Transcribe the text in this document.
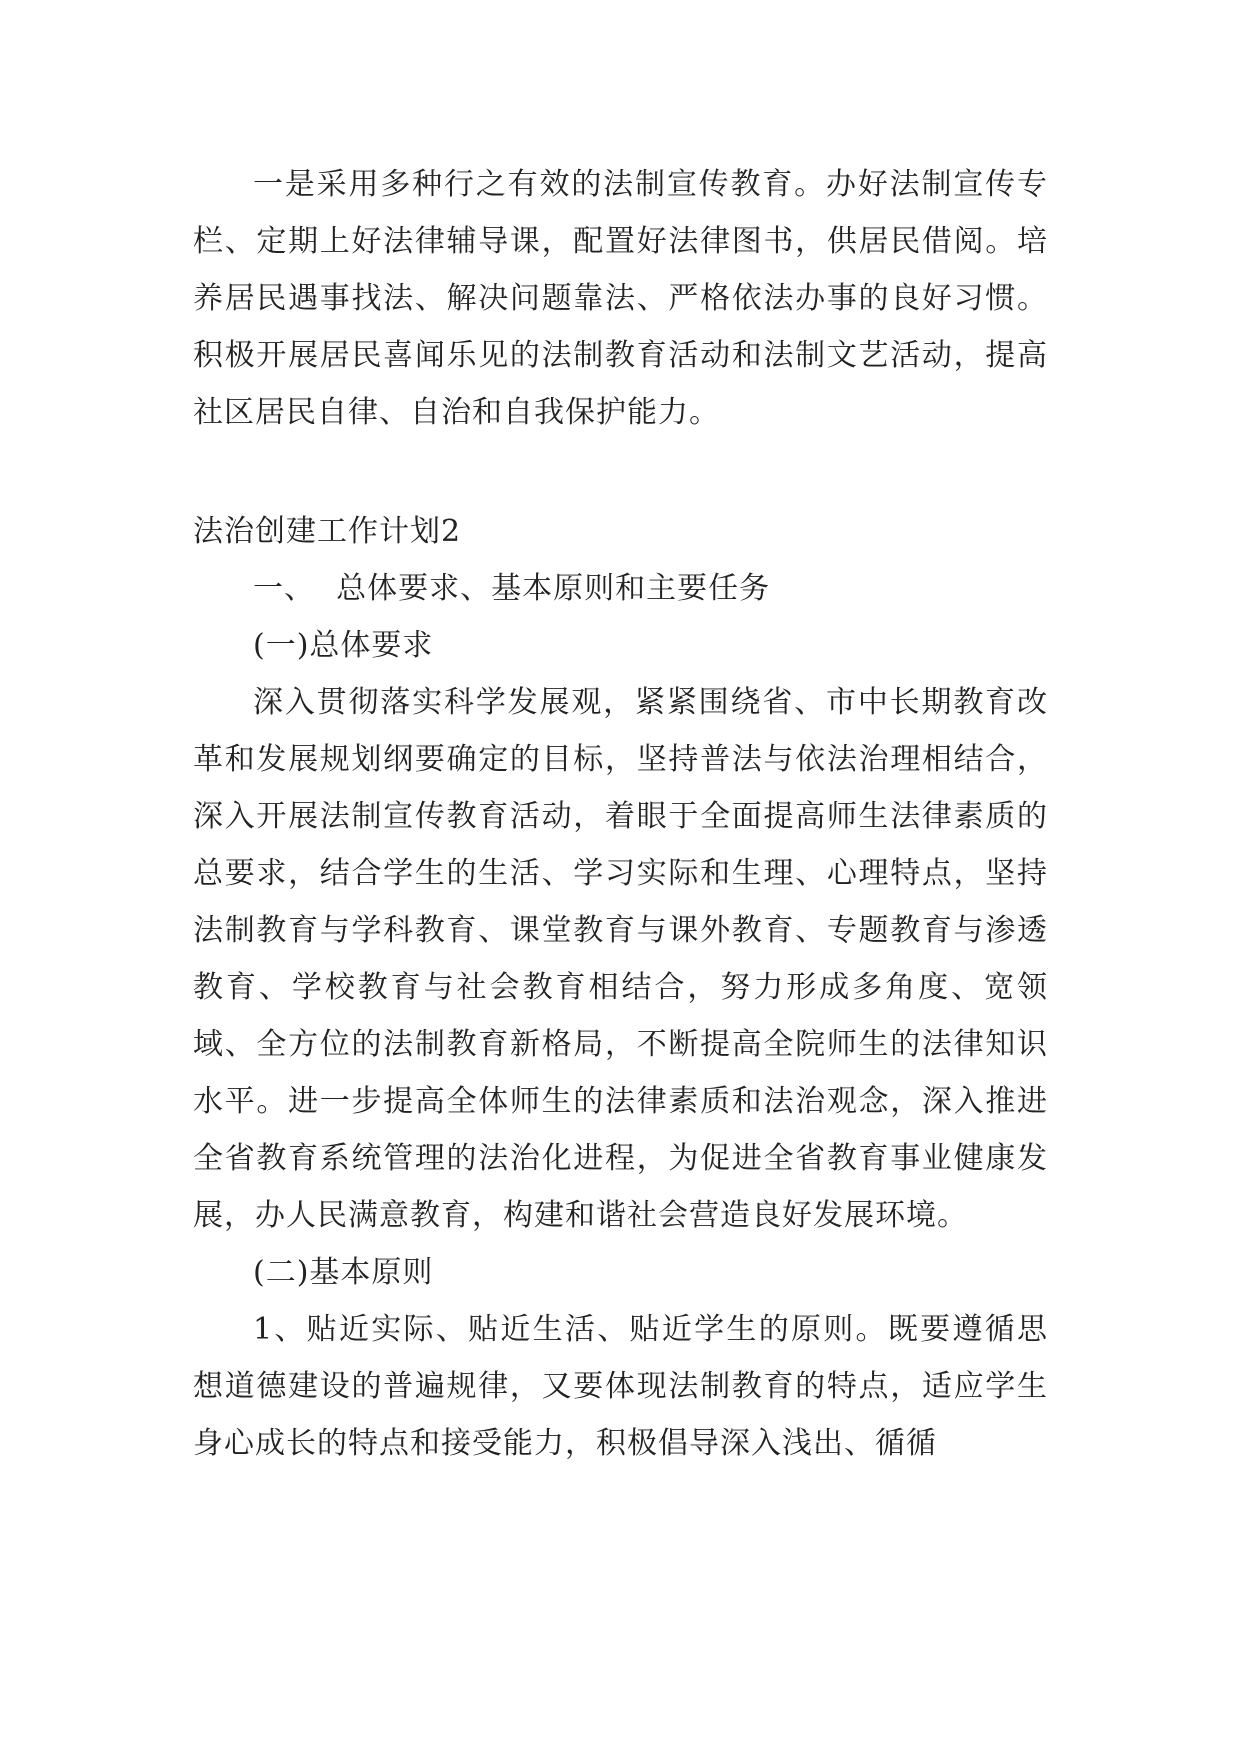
一是采用多种行之有效的法制宣传教育。办好法制宣传专栏、定期上好法律辅导课，配置好法律图书，供居民借阅。培养居民遇事找法、解决问题靠法、严格依法办事的良好习惯。积极开展居民喜闻乐见的法制教育活动和法制文艺活动，提高社区居民自律、自治和自我保护能力。

法治创建工作计划2

一、  总体要求、基本原则和主要任务

(一)总体要求

深入贯彻落实科学发展观，紧紧围绕省、市中长期教育改革和发展规划纲要确定的目标，坚持普法与依法治理相结合，深入开展法制宣传教育活动，着眼于全面提高师生法律素质的总要求，结合学生的生活、学习实际和生理、心理特点，坚持法制教育与学科教育、课堂教育与课外教育、专题教育与渗透教育、学校教育与社会教育相结合，努力形成多角度、宽领域、全方位的法制教育新格局，不断提高全院师生的法律知识水平。进一步提高全体师生的法律素质和法治观念，深入推进全省教育系统管理的法治化进程，为促进全省教育事业健康发展，办人民满意教育，构建和谐社会营造良好发展环境。

(二)基本原则

1、贴近实际、贴近生活、贴近学生的原则。既要遵循思想道德建设的普遍规律，又要体现法制教育的特点，适应学生身心成长的特点和接受能力，积极倡导深入浅出、循循
